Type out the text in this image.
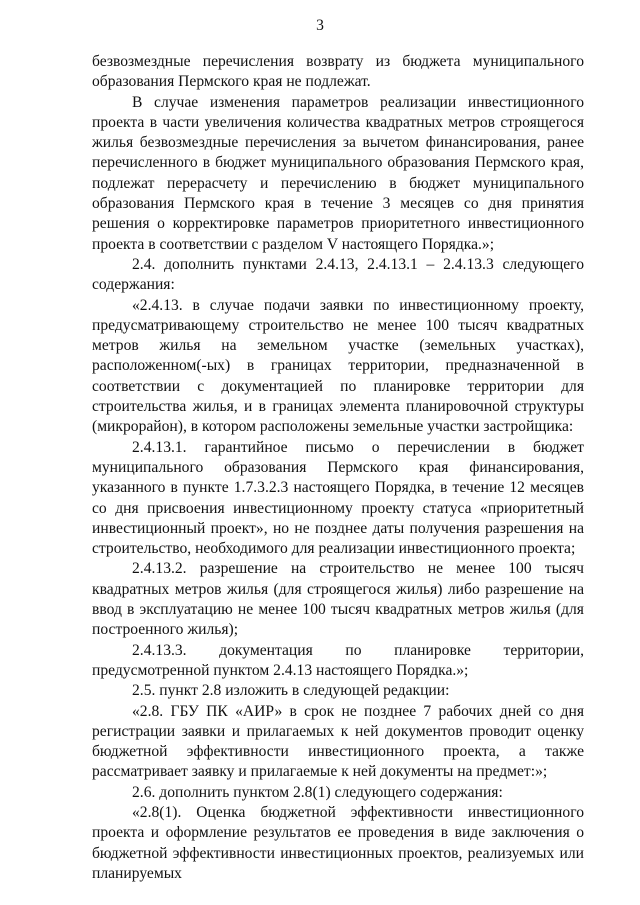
3

безвозмездные перечисления возврату из бюджета муниципального образования Пермского края не подлежат.

В случае изменения параметров реализации инвестиционного проекта в части увеличения количества квадратных метров строящегося жилья безвозмездные перечисления за вычетом финансирования, ранее перечисленного в бюджет муниципального образования Пермского края, подлежат перерасчету и перечислению в бюджет муниципального образования Пермского края в течение 3 месяцев со дня принятия решения о корректировке параметров приоритетного инвестиционного проекта в соответствии с разделом V настоящего Порядка.»;

2.4. дополнить пунктами 2.4.13, 2.4.13.1 – 2.4.13.3 следующего содержания:

«2.4.13. в случае подачи заявки по инвестиционному проекту, предусматривающему строительство не менее 100 тысяч квадратных метров жилья на земельном участке (земельных участках), расположенном(-ых) в границах территории, предназначенной в соответствии с документацией по планировке территории для строительства жилья, и в границах элемента планировочной структуры (микрорайон), в котором расположены земельные участки застройщика:

2.4.13.1. гарантийное письмо о перечислении в бюджет муниципального образования Пермского края финансирования, указанного в пункте 1.7.3.2.3 настоящего Порядка, в течение 12 месяцев со дня присвоения инвестиционному проекту статуса «приоритетный инвестиционный проект», но не позднее даты получения разрешения на строительство, необходимого для реализации инвестиционного проекта;

2.4.13.2. разрешение на строительство не менее 100 тысяч квадратных метров жилья (для строящегося жилья) либо разрешение на ввод в эксплуатацию не менее 100 тысяч квадратных метров жилья (для построенного жилья);

2.4.13.3. документация по планировке территории, предусмотренной пунктом 2.4.13 настоящего Порядка.»;

2.5. пункт 2.8 изложить в следующей редакции:

«2.8. ГБУ ПК «АИР» в срок не позднее 7 рабочих дней со дня регистрации заявки и прилагаемых к ней документов проводит оценку бюджетной эффективности инвестиционного проекта, а также рассматривает заявку и прилагаемые к ней документы на предмет:»;

2.6. дополнить пунктом 2.8(1) следующего содержания:

«2.8(1). Оценка бюджетной эффективности инвестиционного проекта и оформление результатов ее проведения в виде заключения о бюджетной эффективности инвестиционных проектов, реализуемых или планируемых
